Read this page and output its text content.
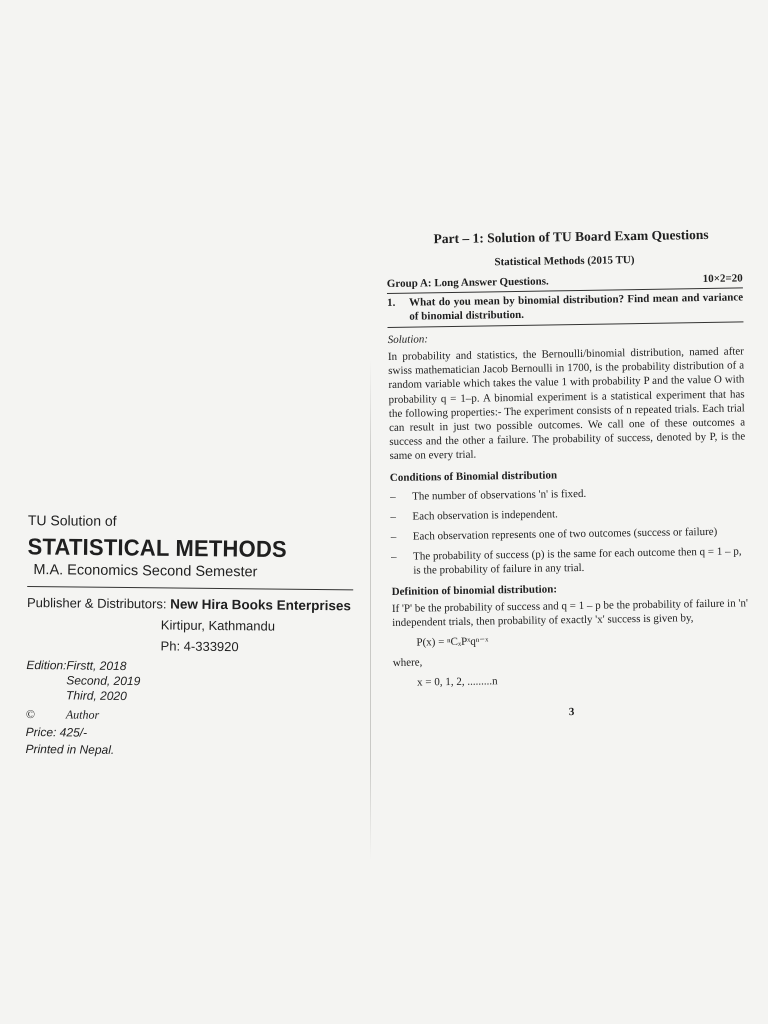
TU Solution of

STATISTICAL METHODS
M.A. Economics Second Semester
Publisher & Distributors: New Hira Books Enterprises
Kirtipur, Kathmandu
Ph: 4-333920
Edition: Firstt, 2018
Second, 2019
Third, 2020
©	Author
Price: 425/-
Printed in Nepal.
Part – 1: Solution of TU Board Exam Questions
Statistical Methods (2015 TU)
Group A: Long Answer Questions.	10×2=20
1.	What do you mean by binomial distribution? Find mean and variance of binomial distribution.
Solution:
In probability and statistics, the Bernoulli/binomial distribution, named after swiss mathematician Jacob Bernoulli in 1700, is the probability distribution of a random variable which takes the value 1 with probability P and the value O with probability q = 1–p. A binomial experiment is a statistical experiment that has the following properties:- The experiment consists of n repeated trials. Each trial can result in just two possible outcomes. We call one of these outcomes a success and the other a failure. The probability of success, denoted by P, is the same on every trial.
Conditions of Binomial distribution
–	The number of observations 'n' is fixed.
–	Each observation is independent.
–	Each observation represents one of two outcomes (success or failure)
–	The probability of success (p) is the same for each outcome then q = 1 – p, is the probability of failure in any trial.
Definition of binomial distribution:
If 'P' be the probability of success and q = 1 – p be the probability of failure in 'n' independent trials, then probability of exactly 'x' success is given by,
P(x) = ⁿCₓPˣqⁿ⁻ˣ
where,
x = 0, 1, 2, .........n
3
